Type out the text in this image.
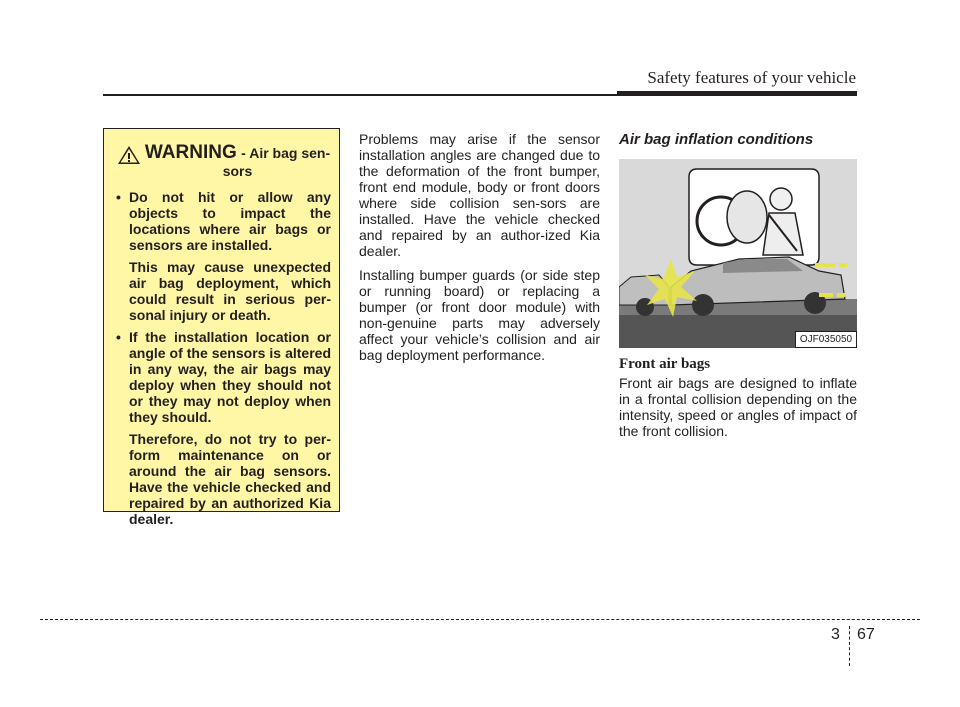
Safety features of your vehicle
WARNING - Air bag sen-
sors
• Do not hit or allow any objects to impact the locations where air bags or sensors are installed.

This may cause unexpected air bag deployment, which could result in serious per-sonal injury or death.

• If the installation location or angle of the sensors is altered in any way, the air bags may deploy when they should not or they may not deploy when they should.

Therefore, do not try to per-form maintenance on or around the air bag sensors. Have the vehicle checked and repaired by an authorized Kia dealer.

Problems may arise if the sensor installation angles are changed due to the deformation of the front bumper, front end module, body or front doors where side collision sen-sors are installed. Have the vehicle checked and repaired by an author-ized Kia dealer.

Installing bumper guards (or side step or running board) or replacing a bumper (or front door module) with non-genuine parts may adversely affect your vehicle’s collision and air bag deployment performance.

Air bag inflation conditions

OJF035050
Front air bags

Front air bags are designed to inflate in a frontal collision depending on the intensity, speed or angles of impact of the front collision.

3 67
